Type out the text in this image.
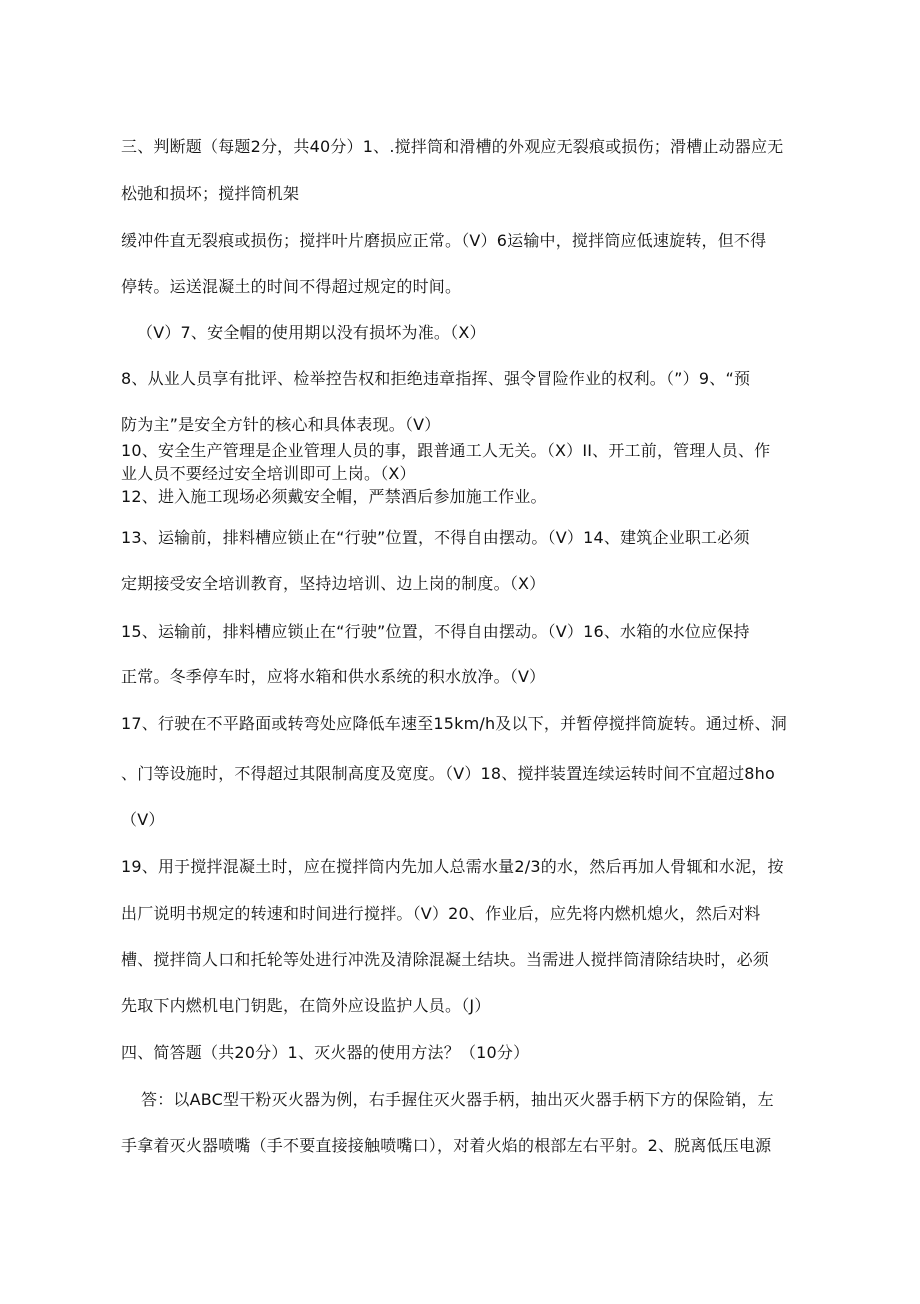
三、判断题（每题2分，共40分）1、.搅拌筒和滑槽的外观应无裂痕或损伤；滑槽止动器应无
松弛和损坏；搅拌筒机架
缓冲件直无裂痕或损伤；搅拌叶片磨损应正常。（V）6运输中，搅拌筒应低速旋转，但不得
停转。运送混凝土的时间不得超过规定的时间。
（V）7、安全帽的使用期以没有损坏为准。（X）
8、从业人员享有批评、检举控告权和拒绝违章指挥、强令冒险作业的权利。（”）9、“预
防为主”是安全方针的核心和具体表现。（V）
10、安全生产管理是企业管理人员的事，跟普通工人无关。（X）II、开工前，管理人员、作
业人员不要经过安全培训即可上岗。（X）
12、进入施工现场必须戴安全帽，严禁酒后参加施工作业。
13、运输前，排料槽应锁止在“行驶”位置，不得自由摆动。（V）14、建筑企业职工必须
定期接受安全培训教育，坚持边培训、边上岗的制度。（X）
15、运输前，排料槽应锁止在“行驶”位置，不得自由摆动。（V）16、水箱的水位应保持
正常。冬季停车时，应将水箱和供水系统的积水放净。（V）
17、行驶在不平路面或转弯处应降低车速至15km/h及以下，并暂停搅拌筒旋转。通过桥、洞
、门等设施时，不得超过其限制高度及宽度。（V）18、搅拌装置连续运转时间不宜超过8ho
（V）
19、用于搅拌混凝土时，应在搅拌筒内先加人总需水量2/3的水，然后再加人骨辄和水泥，按
出厂说明书规定的转速和时间进行搅拌。（V）20、作业后，应先将内燃机熄火，然后对料
槽、搅拌筒人口和托轮等处进行冲洗及清除混凝土结块。当需进人搅拌筒清除结块时，必须
先取下内燃机电门钥匙，在筒外应设监护人员。（J）
四、简答题（共20分）1、灭火器的使用方法？（10分）
答：以ABC型干粉灭火器为例，右手握住灭火器手柄，抽出灭火器手柄下方的保险销，左
手拿着灭火器喷嘴（手不要直接接触喷嘴口），对着火焰的根部左右平射。2、脱离低压电源
